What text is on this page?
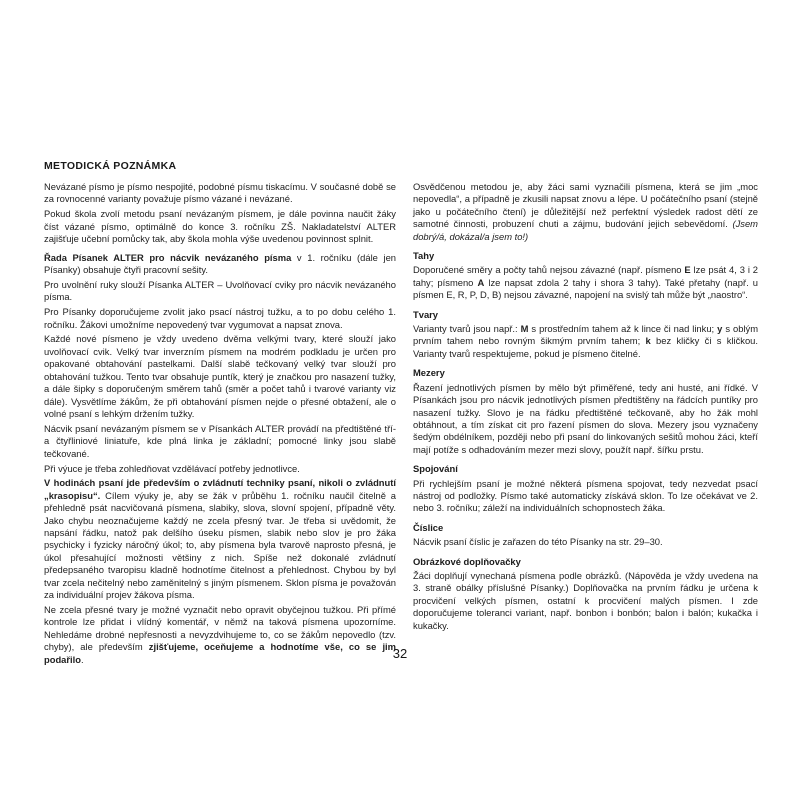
METODICKÁ POZNÁMKA

Nevázané písmo je písmo nespojité, podobné písmu tiskacímu. V současné době se za rovnocenné varianty považuje písmo vázané i nevázané.

Pokud škola zvolí metodu psaní nevázaným písmem, je dále povinna naučit žáky číst vázané písmo, optimálně do konce 3. ročníku ZŠ. Nakladatelství ALTER zajišťuje učební pomůcky tak, aby škola mohla výše uvedenou povinnost splnit.

Řada Písanek ALTER pro nácvik nevázaného písma v 1. ročníku (dále jen Písanky) obsahuje čtyři pracovní sešity.

Pro uvolnění ruky slouží Písanka ALTER – Uvolňovací cviky pro nácvik nevázaného písma.

Pro Písanky doporučujeme zvolit jako psací nástroj tužku, a to po dobu celého 1. ročníku. Žákovi umožníme nepovedený tvar vygumovat a napsat znova.

Každé nové písmeno je vždy uvedeno dvěma velkými tvary, které slouží jako uvolňovací cvik. Velký tvar inverzním písmem na modrém podkladu je určen pro opakované obtahování pastelkami. Další slabě tečkovaný velký tvar slouží pro obtahování tužkou. Tento tvar obsahuje puntík, který je značkou pro nasazení tužky, a dále šipky s doporučeným směrem tahů (směr a počet tahů i tvarové varianty viz dále). Vysvětlíme žákům, že při obtahování písmen nejde o přesné obtažení, ale o volné psaní s lehkým držením tužky.

Nácvik psaní nevázaným písmem se v Písankách ALTER provádí na předtištěné tří- a čtyřliniové liniatuře, kde plná linka je základní; pomocné linky jsou slabě tečkované.

Při výuce je třeba zohledňovat vzdělávací potřeby jednotlivce.

V hodinách psaní jde především o zvládnutí techniky psaní, nikoli o zvládnutí „krasopisu“. Cílem výuky je, aby se žák v průběhu 1. ročníku naučil čitelně a přehledně psát nacvičovaná písmena, slabiky, slova, slovní spojení, případně věty. Jako chybu neoznačujeme každý ne zcela přesný tvar. Je třeba si uvědomit, že napsání řádku, natož pak delšího úseku písmen, slabik nebo slov je pro žáka psychicky i fyzicky náročný úkol; to, aby písmena byla tvarově naprosto přesná, je úkol přesahující možnosti většiny z nich. Spíše než dokonalé zvládnutí předepsaného tvaropisu kladně hodnotíme čitelnost a přehlednost. Chybou by byl tvar zcela nečitelný nebo zaměnitelný s jiným písmenem. Sklon písma je považován za individuální projev žákova písma.

Ne zcela přesné tvary je možné vyznačit nebo opravit obyčejnou tužkou. Při přímé kontrole lze přidat i vlídný komentář, v němž na taková písmena upozorníme. Nehledáme drobné nepřesnosti a nevyzdvihujeme to, co se žákům nepovedlo (tzv. chyby), ale především zjišťujeme, oceňujeme a hodnotíme vše, co se jim podařilo.

Osvědčenou metodou je, aby žáci sami vyznačili písmena, která se jim „moc nepovedla“, a případně je zkusili napsat znovu a lépe. U počátečního psaní (stejně jako u počátečního čtení) je důležitější než perfektní výsledek radost dětí ze samotné činnosti, probuzení chuti a zájmu, budování jejich sebevědomí. (Jsem dobrý/á, dokázal/a jsem to!)

Tahy

Doporučené směry a počty tahů nejsou závazné (např. písmeno E lze psát 4, 3 i 2 tahy; písmeno A lze napsat zdola 2 tahy i shora 3 tahy). Také přetahy (např. u písmen E, R, P, D, B) nejsou závazné, napojení na svislý tah může být „naostro“.

Tvary

Varianty tvarů jsou např.: M s prostředním tahem až k lince či nad linku; y s oblým prvním tahem nebo rovným šikmým prvním tahem; k bez kličky či s kličkou. Varianty tvarů respektujeme, pokud je písmeno čitelné.

Mezery

Řazení jednotlivých písmen by mělo být přiměřené, tedy ani husté, ani řídké. V Písankách jsou pro nácvik jednotlivých písmen předtištěny na řádcích puntíky pro nasazení tužky. Slovo je na řádku předtištěné tečkovaně, aby ho žák mohl obtáhnout, a tím získat cit pro řazení písmen do slova. Mezery jsou vyznačeny šedým obdélníkem, později nebo při psaní do linkovaných sešitů mohou žáci, kteří mají potíže s odhadováním mezer mezi slovy, použít např. šířku prstu.

Spojování

Při rychlejším psaní je možné některá písmena spojovat, tedy nezvedat psací nástroj od podložky. Písmo také automaticky získává sklon. To lze očekávat ve 2. nebo 3. ročníku; záleží na individuálních schopnostech žáka.

Číslice

Nácvik psaní číslic je zařazen do této Písanky na str. 29–30.

Obrázkové doplňovačky

Žáci doplňují vynechaná písmena podle obrázků. (Nápověda je vždy uvedena na 3. straně obálky příslušné Písanky.) Doplňovačka na prvním řádku je určena k procvičení velkých písmen, ostatní k procvičení malých písmen. I zde doporučujeme toleranci variant, např. bonbon i bonbón; balon i balón; kukačka i kukačky.

32
